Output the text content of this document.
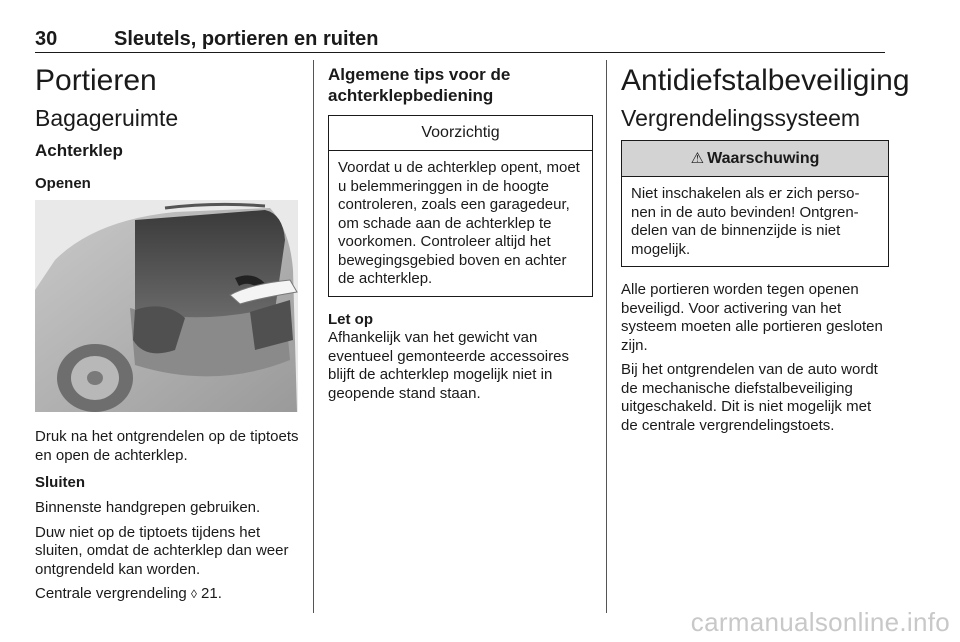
30	Sleutels, portieren en ruiten
Portieren
Bagageruimte
Achterklep
Openen

Druk na het ontgrendelen op de tiptoets en open de achterklep.

Sluiten

Binnenste handgrepen gebruiken.

Duw niet op de tiptoets tijdens het sluiten, omdat de achterklep dan weer ontgrendeld kan worden.

Centrale vergrendeling ◊ 21.

Algemene tips voor de achterklepbediening
Voorzichtig
Voordat u de achterklep opent, moet u belemmeringgen in de hoogte controleren, zoals een garagedeur, om schade aan de achterklep te voorkomen. Controleer altijd het bewegingsgebied boven en achter de achterklep.
Let op

Afhankelijk van het gewicht van eventueel gemonteerde accessoires blijft de achterklep mogelijk niet in geopende stand staan.

Antidiefstalbeveiliging
Vergrendelingssysteem
⚠ Waarschuwing
Niet inschakelen als er zich personen in de auto bevinden! Ontgrendelen van de binnenzijde is niet mogelijk.

Alle portieren worden tegen openen beveiligd. Voor activering van het systeem moeten alle portieren gesloten zijn.

Bij het ontgrendelen van de auto wordt de mechanische diefstalbeveiliging uitgeschakeld. Dit is niet mogelijk met de centrale vergrendelingstoets.

carmanualsonline.info
